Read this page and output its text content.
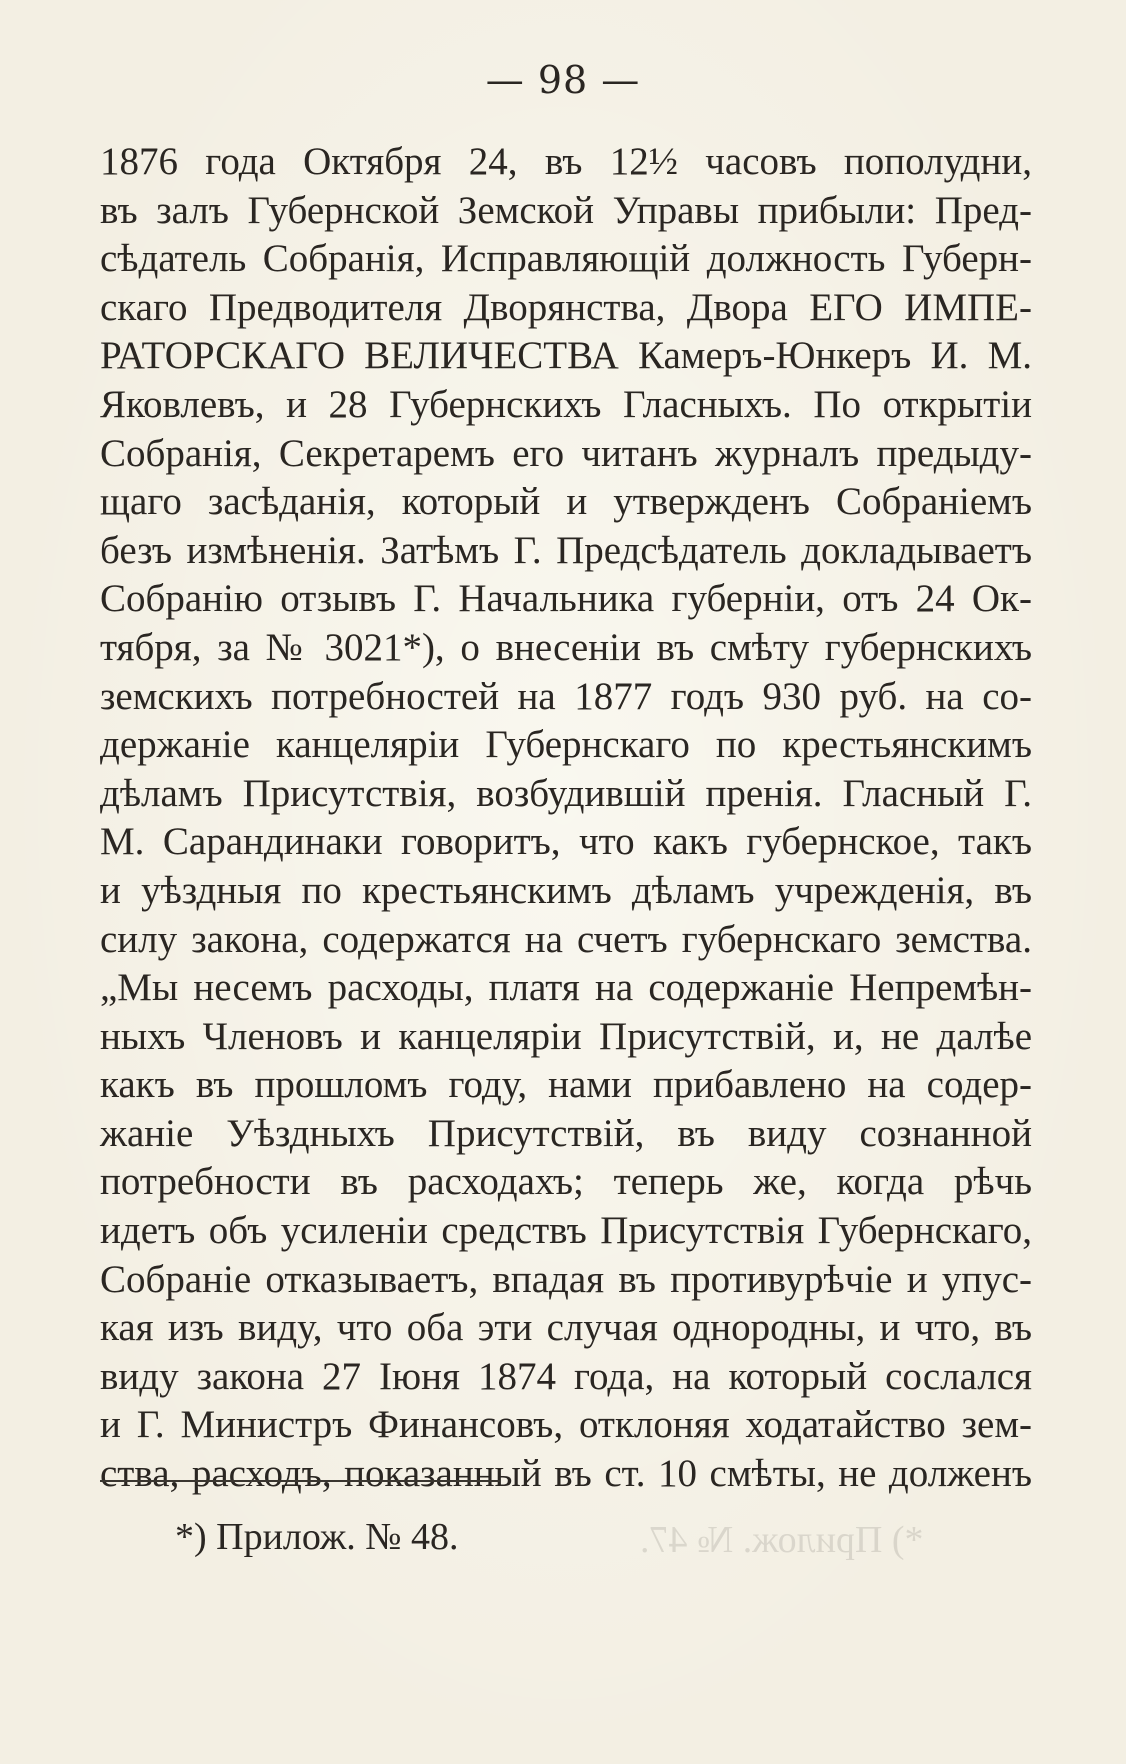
— 98 —
1876 года Октября 24, въ 12½ часовъ пополудни,
въ залъ Губернской Земской Управы прибыли: Пред-
сѣдатель Собранія, Исправляющій должность Губерн-
скаго Предводителя Дворянства, Двора ЕГО ИМПЕ-
РАТОРСКАГО ВЕЛИЧЕСТВА Камеръ-Юнкеръ И. М.
Яковлевъ, и 28 Губернскихъ Гласныхъ. По открытіи
Собранія, Секретаремъ его читанъ журналъ предыду-
щаго засѣданія, который и утвержденъ Собраніемъ
безъ измѣненія. Затѣмъ Г. Предсѣдатель докладываетъ
Собранію отзывъ Г. Начальника губерніи, отъ 24 Ок-
тября, за № 3021*), о внесеніи въ смѣту губернскихъ
земскихъ потребностей на 1877 годъ 930 руб. на со-
держаніе канцеляріи Губернскаго по крестьянскимъ
дѣламъ Присутствія, возбудившій пренія. Гласный Г.
М. Сарандинаки говоритъ, что какъ губернское, такъ
и уѣздныя по крестьянскимъ дѣламъ учрежденія, въ
силу закона, содержатся на счетъ губернскаго земства.
„Мы несемъ расходы, платя на содержаніе Непремѣн-
ныхъ Членовъ и канцеляріи Присутствій, и, не далѣе
какъ въ прошломъ году, нами прибавлено на содер-
жаніе Уѣздныхъ Присутствій, въ виду сознанной
потребности въ расходахъ; теперь же, когда рѣчь
идетъ объ усиленіи средствъ Присутствія Губернскаго,
Собраніе отказываетъ, впадая въ противурѣчіе и упус-
кая изъ виду, что оба эти случая однородны, и что, въ
виду закона 27 Іюня 1874 года, на который сослался
и Г. Министръ Финансовъ, отклоняя ходатайство зем-
ства, расходъ, показанный въ ст. 10 смѣты, не долженъ
*) Прилож. № 48.	*) Прилож. № 47.
